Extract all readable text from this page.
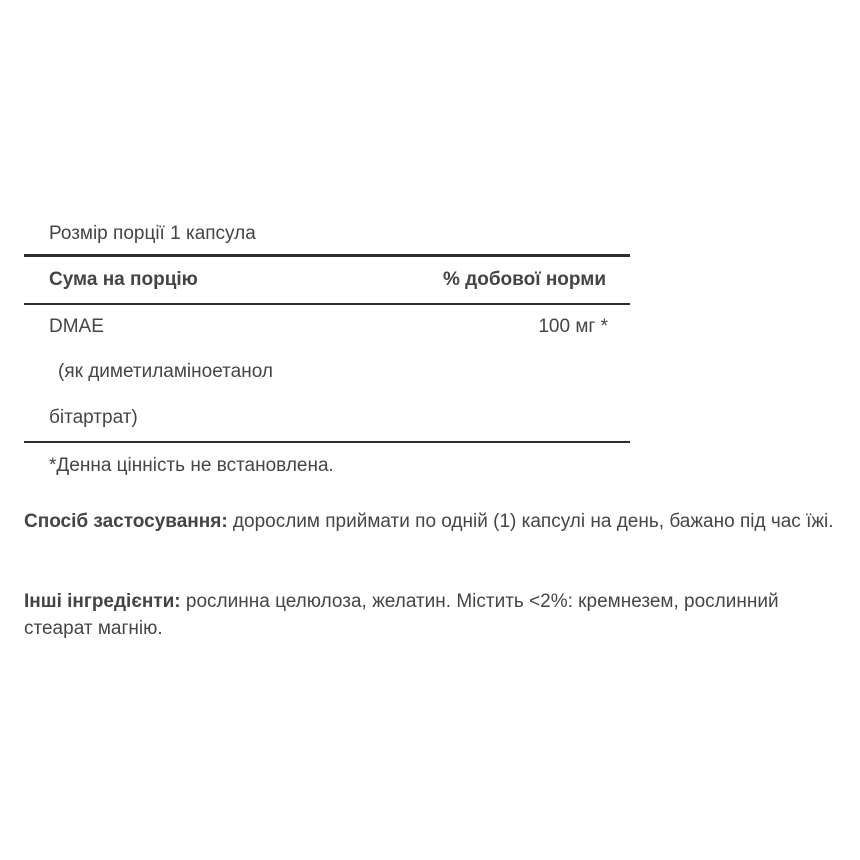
Розмір порції 1 капсула
Сума на порцію	% добової норми
DMAE	100 мг *
(як диметиламіноетанол
бітартрат)
*Денна цінність не встановлена.
Спосіб застосування: дорослим приймати по одній (1) капсулі на день, бажано під час їжі.
Інші інгредієнти: рослинна целюлоза, желатин. Містить <2%: кремнезем, рослинний стеарат магнію.
